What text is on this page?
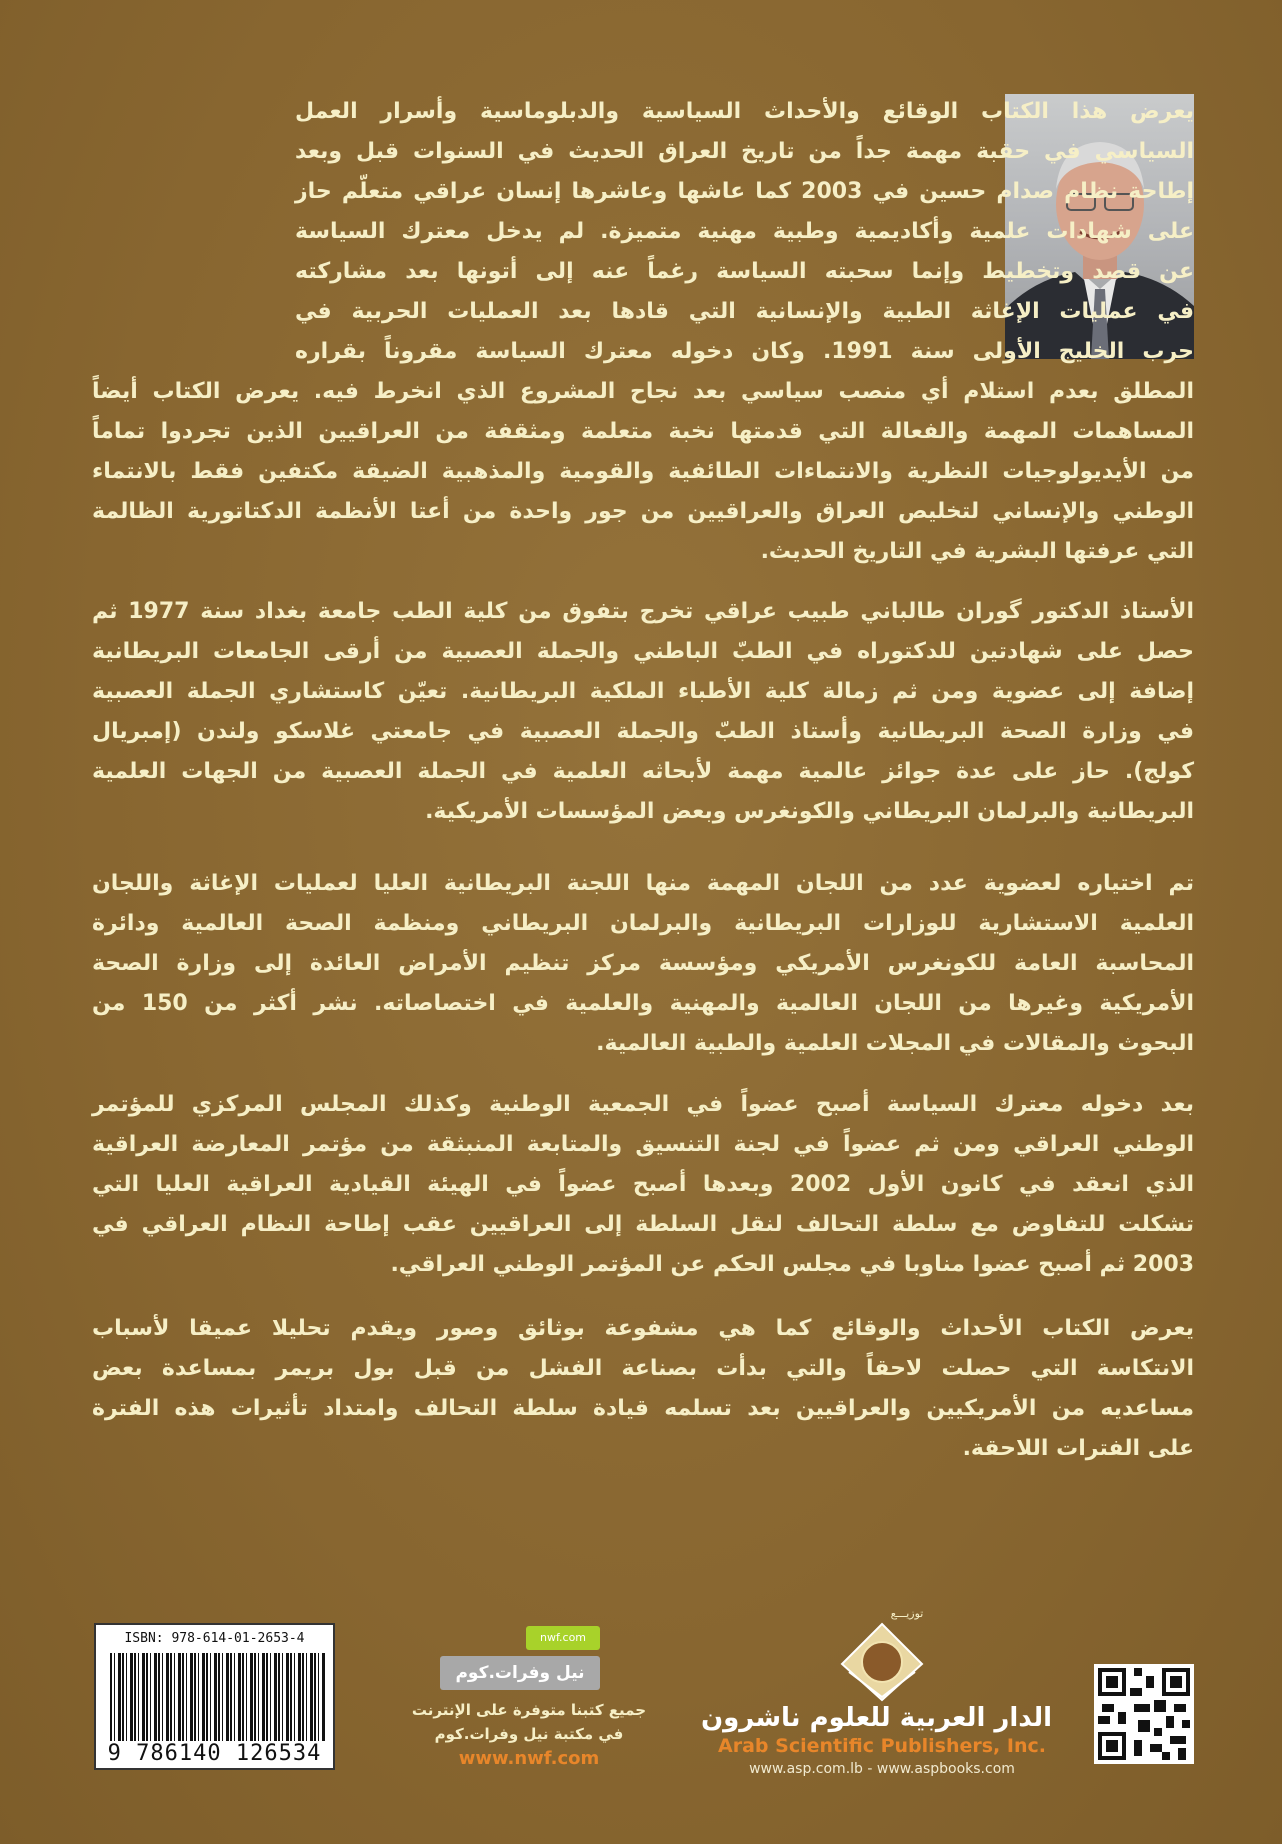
يعرض هذا الكتاب الوقائع والأحداث السياسية والدبلوماسية وأسرار العمل
السياسي في حقبة مهمة جداً من تاريخ العراق الحديث في السنوات قبل وبعد
إطاحة نظام صدام حسين في 2003 كما عاشها وعاشرها إنسان عراقي متعلّم حاز
على شهادات علمية وأكاديمية وطبية مهنية متميزة. لم يدخل معترك السياسة
عن قصد وتخطيط وإنما سحبته السياسة رغماً عنه إلى أتونها بعد مشاركته
في عمليات الإغاثة الطبية والإنسانية التي قادها بعد العمليات الحربية في
حرب الخليج الأولى سنة 1991. وكان دخوله معترك السياسة مقروناً بقراره
المطلق بعدم استلام أي منصب سياسي بعد نجاح المشروع الذي انخرط فيه. يعرض الكتاب أيضاً
المساهمات المهمة والفعالة التي قدمتها نخبة متعلمة ومثقفة من العراقيين الذين تجردوا تماماً
من الأيديولوجيات النظرية والانتماءات الطائفية والقومية والمذهبية الضيقة مكتفين فقط بالانتماء
الوطني والإنساني لتخليص العراق والعراقيين من جور واحدة من أعتا الأنظمة الدكتاتورية الظالمة
التي عرفتها البشرية في التاريخ الحديث.
الأستاذ الدكتور گوران طالباني طبيب عراقي تخرج بتفوق من كلية الطب جامعة بغداد سنة 1977 ثم
حصل على شهادتين للدكتوراه في الطبّ الباطني والجملة العصبية من أرقى الجامعات البريطانية
إضافة إلى عضوية ومن ثم زمالة كلية الأطباء الملكية البريطانية. تعيّن كاستشاري الجملة العصبية
في وزارة الصحة البريطانية وأستاذ الطبّ والجملة العصبية في جامعتي غلاسكو ولندن (إمبريال
كولج). حاز على عدة جوائز عالمية مهمة لأبحاثه العلمية في الجملة العصبية من الجهات العلمية
البريطانية والبرلمان البريطاني والكونغرس وبعض المؤسسات الأمريكية.
تم اختياره لعضوية عدد من اللجان المهمة منها اللجنة البريطانية العليا لعمليات الإغاثة واللجان
العلمية الاستشارية للوزارات البريطانية والبرلمان البريطاني ومنظمة الصحة العالمية ودائرة
المحاسبة العامة للكونغرس الأمريكي ومؤسسة مركز تنظيم الأمراض العائدة إلى وزارة الصحة
الأمريكية وغيرها من اللجان العالمية والمهنية والعلمية في اختصاصاته. نشر أكثر من 150 من
البحوث والمقالات في المجلات العلمية والطبية العالمية.
بعد دخوله معترك السياسة أصبح عضواً في الجمعية الوطنية وكذلك المجلس المركزي للمؤتمر
الوطني العراقي ومن ثم عضواً في لجنة التنسيق والمتابعة المنبثقة من مؤتمر المعارضة العراقية
الذي انعقد في كانون الأول 2002 وبعدها أصبح عضواً في الهيئة القيادية العراقية العليا التي
تشكلت للتفاوض مع سلطة التحالف لنقل السلطة إلى العراقيين عقب إطاحة النظام العراقي في
2003 ثم أصبح عضوا مناوبا في مجلس الحكم عن المؤتمر الوطني العراقي.
يعرض الكتاب الأحداث والوقائع كما هي مشفوعة بوثائق وصور ويقدم تحليلا عميقا لأسباب
الانتكاسة التي حصلت لاحقاً والتي بدأت بصناعة الفشل من قبل بول بريمر بمساعدة بعض
مساعديه من الأمريكيين والعراقيين بعد تسلمه قيادة سلطة التحالف وامتداد تأثيرات هذه الفترة
على الفترات اللاحقة.
ISBN: 978-614-01-2653-4
9 786140 126534
nwf.com
نيل وفرات.كوم
جميع كتبنا متوفرة على الإنترنت
في مكتبة نيل وفرات.كوم
www.nwf.com
توزيـــع
الدار العربية للعلوم ناشرون
Arab Scientific Publishers, Inc.
www.asp.com.lb - www.aspbooks.com
